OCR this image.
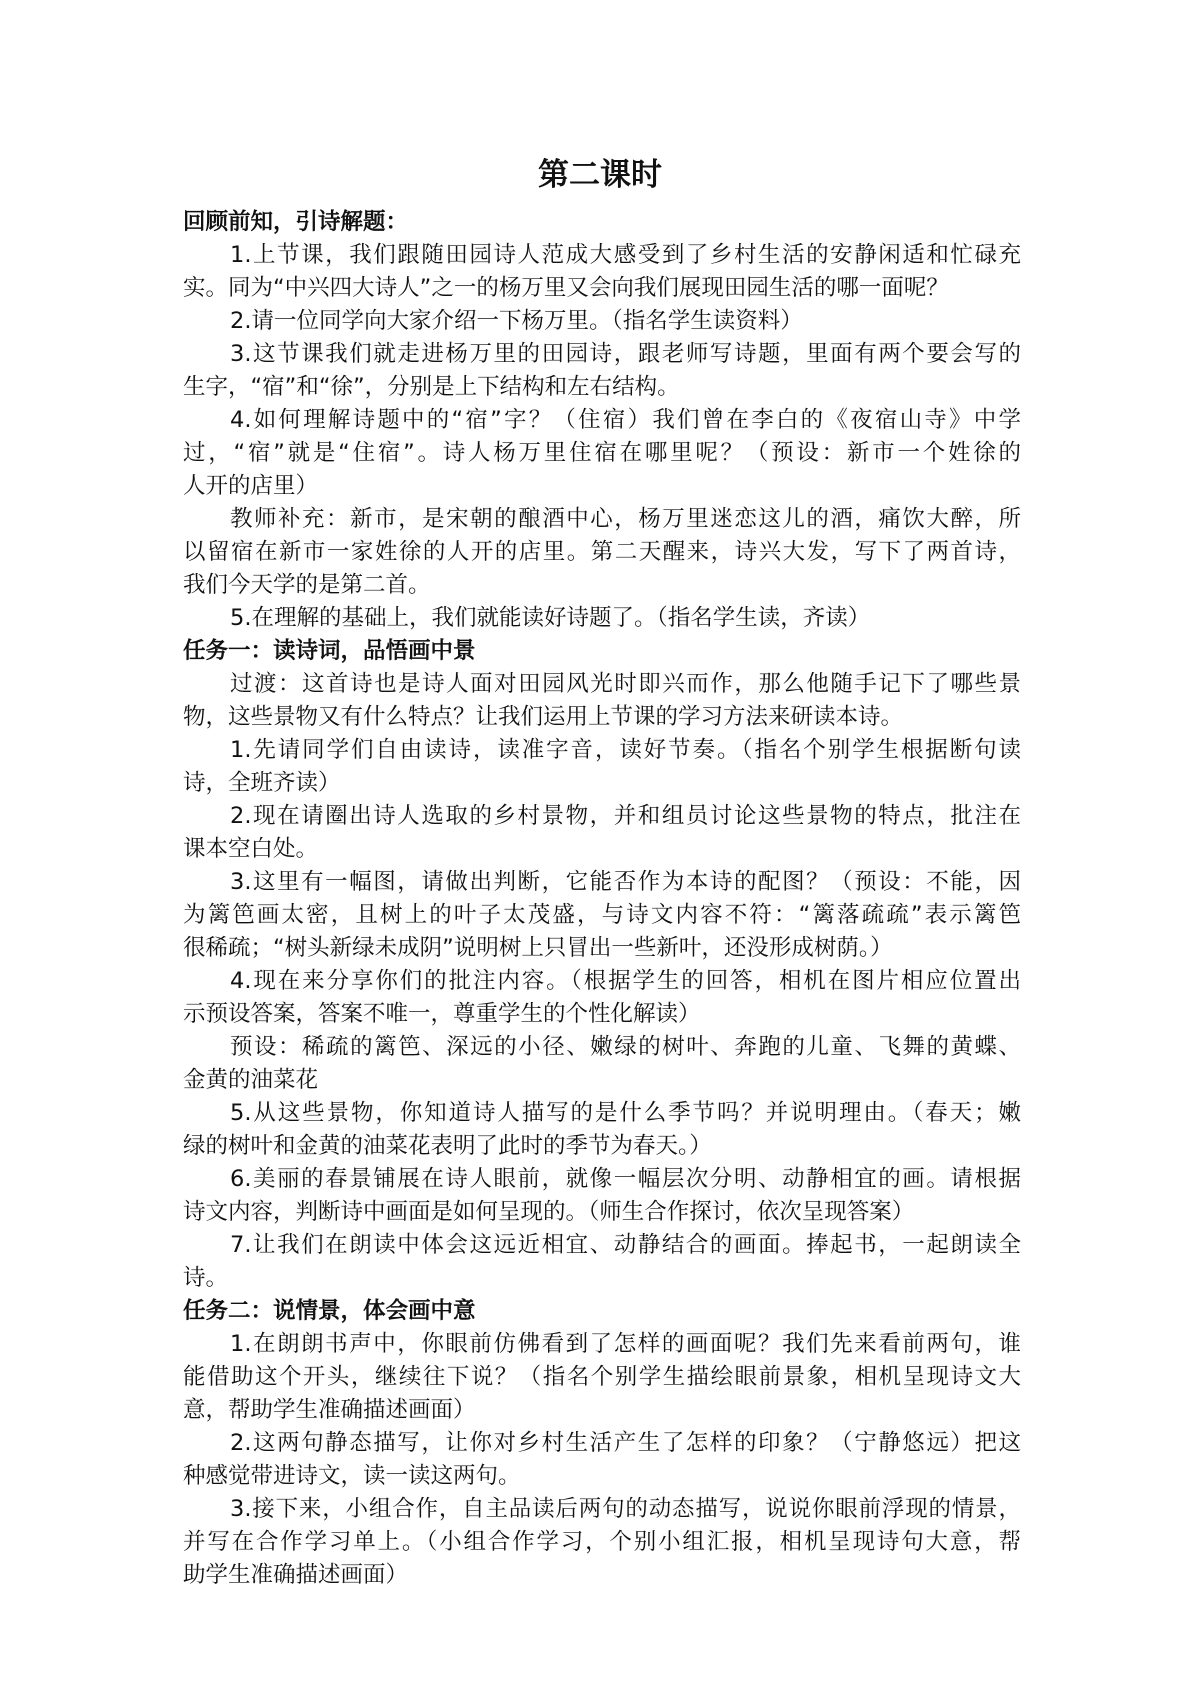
第二课时
回顾前知，引诗解题：
1.上节课，我们跟随田园诗人范成大感受到了乡村生活的安静闲适和忙碌充
实。同为“中兴四大诗人”之一的杨万里又会向我们展现田园生活的哪一面呢？
2.请一位同学向大家介绍一下杨万里。（指名学生读资料）
3.这节课我们就走进杨万里的田园诗，跟老师写诗题，里面有两个要会写的
生字，“宿”和“徐”，分别是上下结构和左右结构。
4.如何理解诗题中的“宿”字？（住宿）我们曾在李白的《夜宿山寺》中学
过，“宿”就是“住宿”。诗人杨万里住宿在哪里呢？（预设：新市一个姓徐的
人开的店里）
教师补充：新市，是宋朝的酿酒中心，杨万里迷恋这儿的酒，痛饮大醉，所
以留宿在新市一家姓徐的人开的店里。第二天醒来，诗兴大发，写下了两首诗，
我们今天学的是第二首。
5.在理解的基础上，我们就能读好诗题了。（指名学生读，齐读）
任务一：读诗词，品悟画中景
过渡：这首诗也是诗人面对田园风光时即兴而作，那么他随手记下了哪些景
物，这些景物又有什么特点？让我们运用上节课的学习方法来研读本诗。
1.先请同学们自由读诗，读准字音，读好节奏。（指名个别学生根据断句读
诗，全班齐读）
2.现在请圈出诗人选取的乡村景物，并和组员讨论这些景物的特点，批注在
课本空白处。
3.这里有一幅图，请做出判断，它能否作为本诗的配图？（预设：不能，因
为篱笆画太密，且树上的叶子太茂盛，与诗文内容不符：“篱落疏疏”表示篱笆
很稀疏；“树头新绿未成阴”说明树上只冒出一些新叶，还没形成树荫。）
4.现在来分享你们的批注内容。（根据学生的回答，相机在图片相应位置出
示预设答案，答案不唯一，尊重学生的个性化解读）
预设：稀疏的篱笆、深远的小径、嫩绿的树叶、奔跑的儿童、飞舞的黄蝶、
金黄的油菜花
5.从这些景物，你知道诗人描写的是什么季节吗？并说明理由。（春天；嫩
绿的树叶和金黄的油菜花表明了此时的季节为春天。）
6.美丽的春景铺展在诗人眼前，就像一幅层次分明、动静相宜的画。请根据
诗文内容，判断诗中画面是如何呈现的。（师生合作探讨，依次呈现答案）
7.让我们在朗读中体会这远近相宜、动静结合的画面。捧起书，一起朗读全
诗。
任务二：说情景，体会画中意
1.在朗朗书声中，你眼前仿佛看到了怎样的画面呢？我们先来看前两句，谁
能借助这个开头，继续往下说？（指名个别学生描绘眼前景象，相机呈现诗文大
意，帮助学生准确描述画面）
2.这两句静态描写，让你对乡村生活产生了怎样的印象？（宁静悠远）把这
种感觉带进诗文，读一读这两句。
3.接下来，小组合作，自主品读后两句的动态描写，说说你眼前浮现的情景，
并写在合作学习单上。（小组合作学习，个别小组汇报，相机呈现诗句大意，帮
助学生准确描述画面）
